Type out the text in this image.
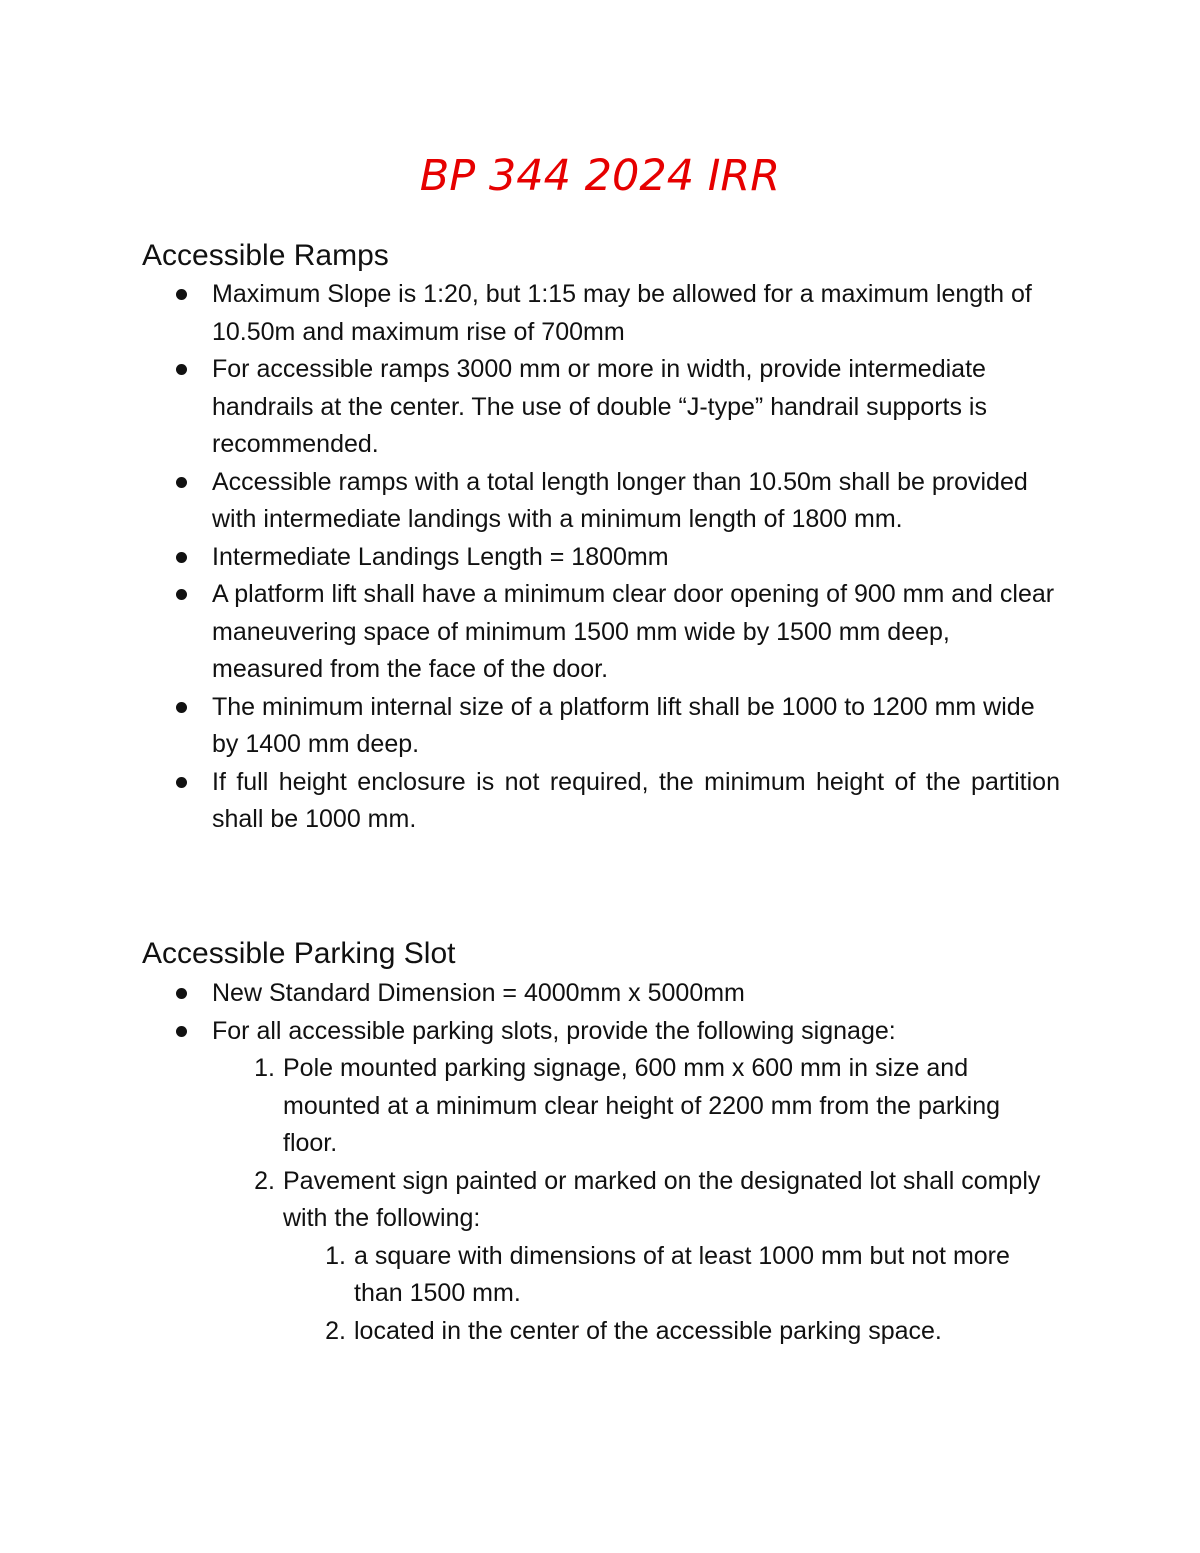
BP 344 2024 IRR
Accessible Ramps
Maximum Slope is 1:20, but 1:15 may be allowed for a maximum length of 10.50m and maximum rise of 700mm
For accessible ramps 3000 mm or more in width, provide intermediate handrails at the center. The use of double “J-type” handrail supports is recommended.
Accessible ramps with a total length longer than 10.50m shall be provided with intermediate landings with a minimum length of 1800 mm.
Intermediate Landings Length = 1800mm
A platform lift shall have a minimum clear door opening of 900 mm and clear maneuvering space of minimum 1500 mm wide by 1500 mm deep, measured from the face of the door.
The minimum internal size of a platform lift shall be 1000 to 1200 mm wide by 1400 mm deep.
If full height enclosure is not required, the minimum height of the partition shall be 1000 mm.
Accessible Parking Slot
New Standard Dimension = 4000mm x 5000mm
For all accessible parking slots, provide the following signage:
1. Pole mounted parking signage, 600 mm x 600 mm in size and mounted at a minimum clear height of 2200 mm from the parking floor.
2. Pavement sign painted or marked on the designated lot shall comply with the following:
1. a square with dimensions of at least 1000 mm but not more than 1500 mm.
2. located in the center of the accessible parking space.
